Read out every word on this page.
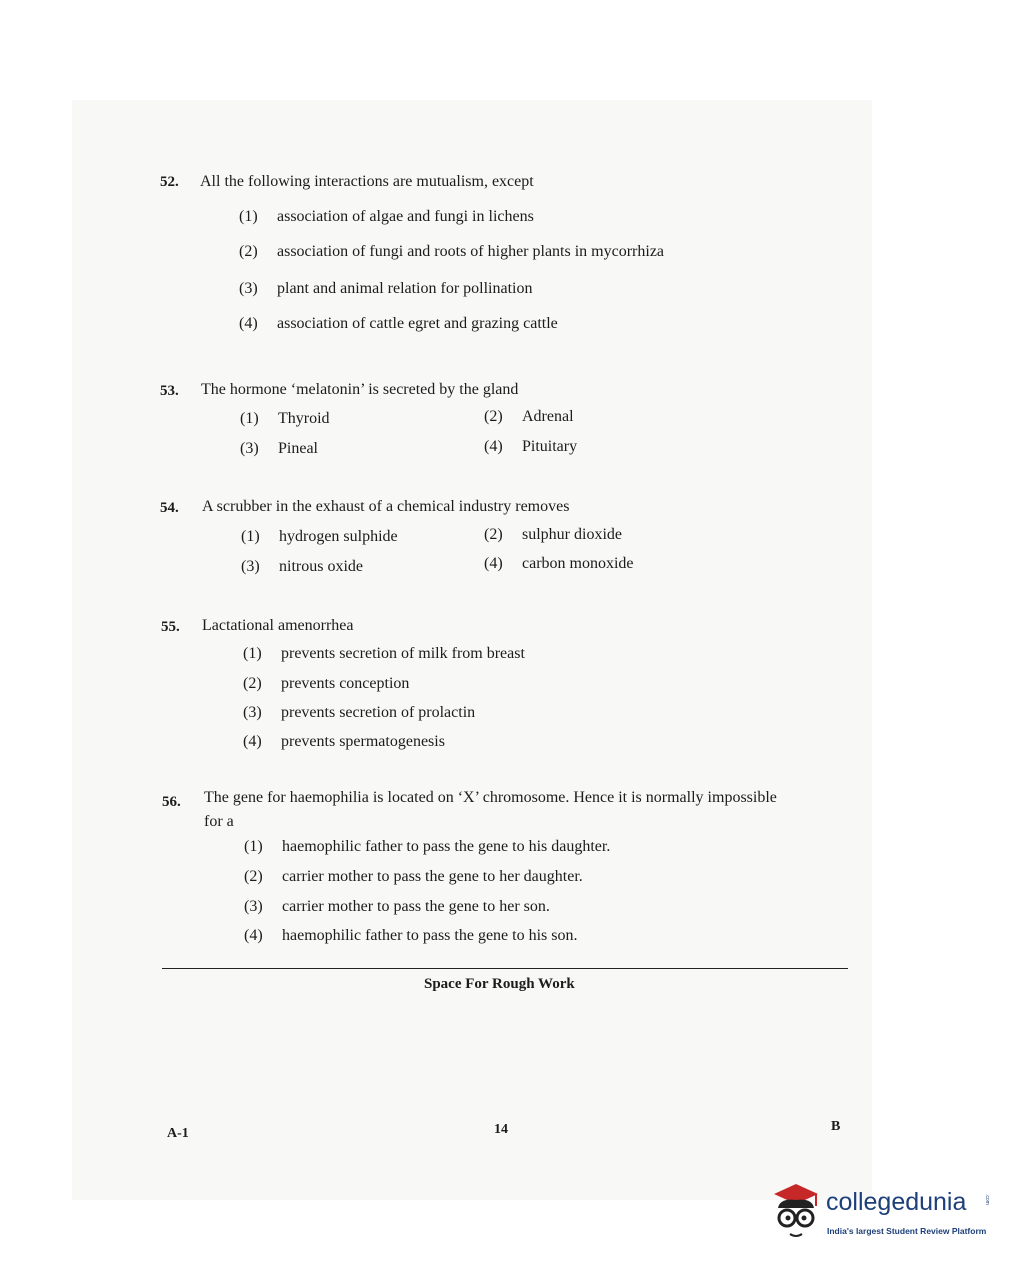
52. All the following interactions are mutualism, except
(1) association of algae and fungi in lichens
(2) association of fungi and roots of higher plants in mycorrhiza
(3) plant and animal relation for pollination
(4) association of cattle egret and grazing cattle
53. The hormone ‘melatonin’ is secreted by the gland
(1) Thyroid	(2) Adrenal
(3) Pineal	(4) Pituitary
54. A scrubber in the exhaust of a chemical industry removes
(1) hydrogen sulphide	(2) sulphur dioxide
(3) nitrous oxide	(4) carbon monoxide
55. Lactational amenorrhea
(1) prevents secretion of milk from breast
(2) prevents conception
(3) prevents secretion of prolactin
(4) prevents spermatogenesis
56. The gene for haemophilia is located on ‘X’ chromosome. Hence it is normally impossible
for a
(1) haemophilic father to pass the gene to his daughter.
(2) carrier mother to pass the gene to her daughter.
(3) carrier mother to pass the gene to her son.
(4) haemophilic father to pass the gene to his son.
Space For Rough Work
A-1	14	B
collegedunia	.com
India's largest Student Review Platform
